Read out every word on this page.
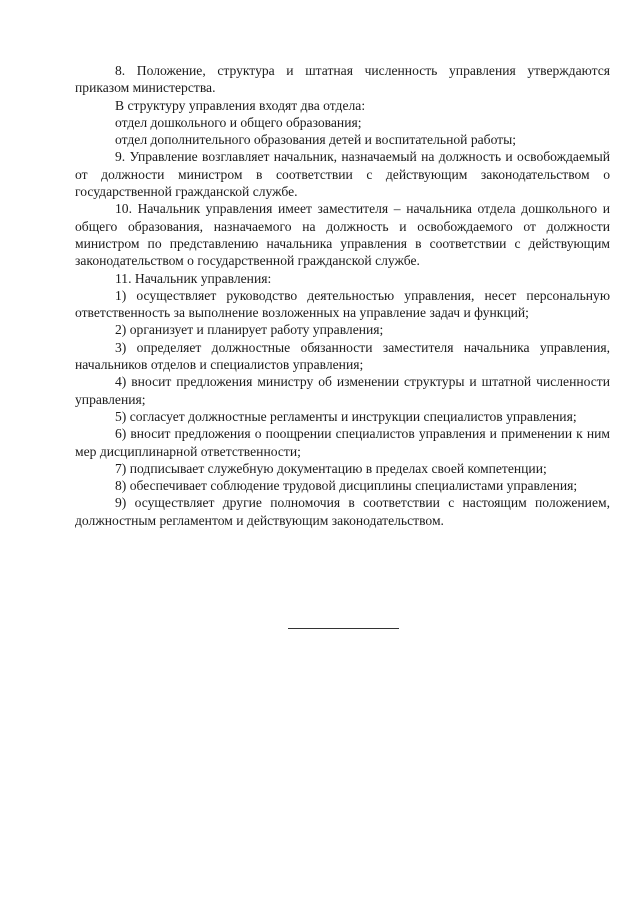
8. Положение, структура и штатная численность управления утверждаются приказом министерства.

В структуру управления входят два отдела:

отдел дошкольного и общего образования;

отдел дополнительного образования детей и воспитательной работы;

9. Управление возглавляет начальник, назначаемый на должность и освобождаемый от должности министром в соответствии с действующим законодательством о государственной гражданской службе.

10. Начальник управления имеет заместителя – начальника отдела дошкольного и общего образования, назначаемого на должность и освобождаемого от должности министром по представлению начальника управления в соответствии с действующим законодательством о государственной гражданской службе.

11. Начальник управления:

1) осуществляет руководство деятельностью управления, несет персональную ответственность за выполнение возложенных на управление задач и функций;

2) организует и планирует работу управления;

3) определяет должностные обязанности заместителя начальника управления, начальников отделов и специалистов управления;

4) вносит предложения министру об изменении структуры и штатной численности управления;

5) согласует должностные регламенты и инструкции специалистов управления;

6) вносит предложения о поощрении специалистов управления и применении к ним мер дисциплинарной ответственности;

7) подписывает служебную документацию в пределах своей компетенции;

8) обеспечивает соблюдение трудовой дисциплины специалистами управления;

9) осуществляет другие полномочия в соответствии с настоящим положением, должностным регламентом и действующим законодательством.
